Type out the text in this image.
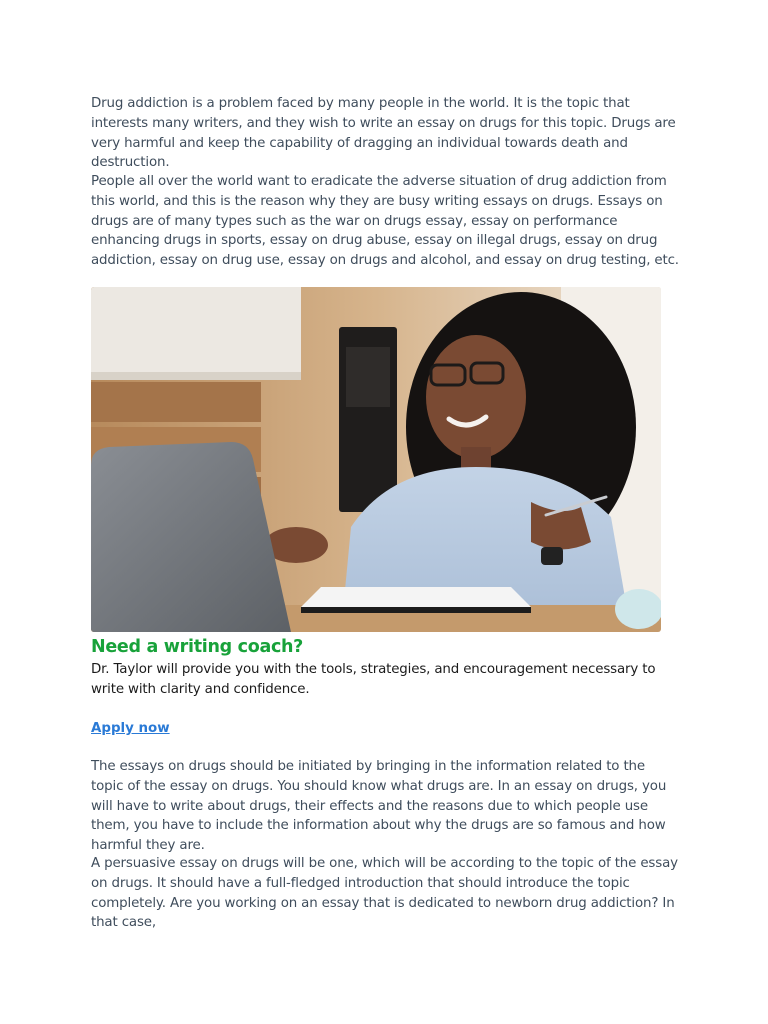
Drug addiction is a problem faced by many people in the world. It is the topic that interests many writers, and they wish to write an essay on drugs for this topic. Drugs are very harmful and keep the capability of dragging an individual towards death and destruction.

People all over the world want to eradicate the adverse situation of drug addiction from this world, and this is the reason why they are busy writing essays on drugs. Essays on drugs are of many types such as the war on drugs essay, essay on performance enhancing drugs in sports, essay on drug abuse, essay on illegal drugs, essay on drug addiction, essay on drug use, essay on drugs and alcohol, and essay on drug testing, etc.

Need a writing coach?

Dr. Taylor will provide you with the tools, strategies, and encouragement necessary to write with clarity and confidence.

Apply now

The essays on drugs should be initiated by bringing in the information related to the topic of the essay on drugs. You should know what drugs are. In an essay on drugs, you will have to write about drugs, their effects and the reasons due to which people use them, you have to include the information about why the drugs are so famous and how harmful they are.

A persuasive essay on drugs will be one, which will be according to the topic of the essay on drugs. It should have a full-fledged introduction that should introduce the topic completely. Are you working on an essay that is dedicated to newborn drug addiction? In that case,
